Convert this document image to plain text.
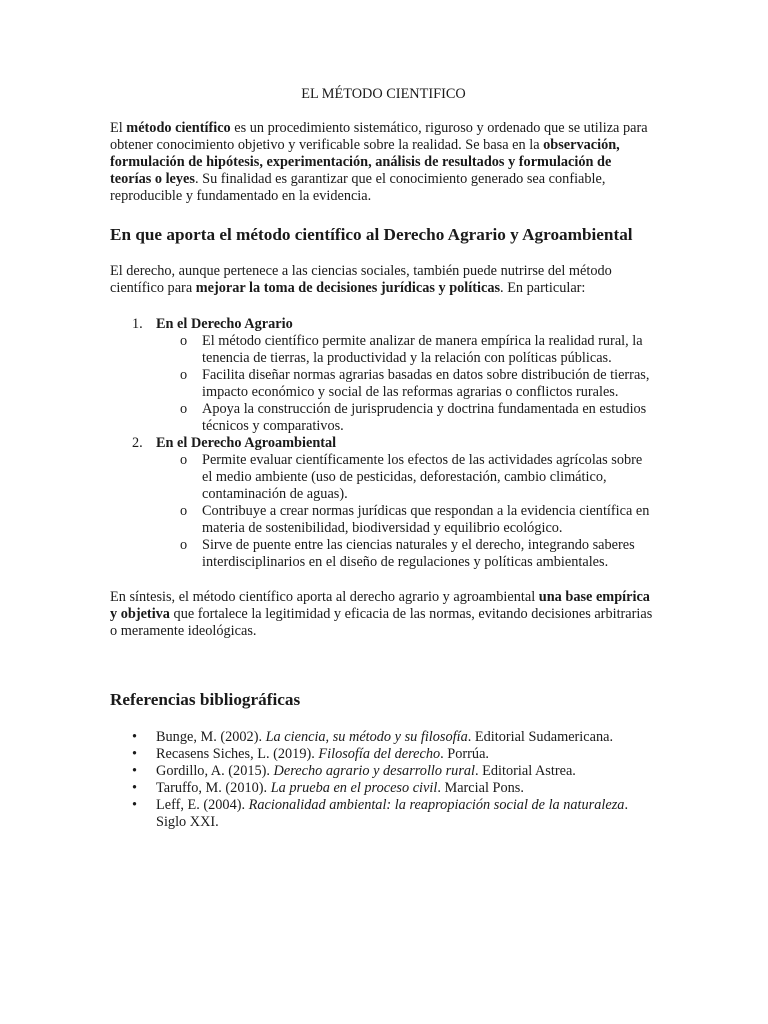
EL MÉTODO CIENTIFICO

El método científico es un procedimiento sistemático, riguroso y ordenado que se utiliza para obtener conocimiento objetivo y verificable sobre la realidad. Se basa en la observación, formulación de hipótesis, experimentación, análisis de resultados y formulación de teorías o leyes. Su finalidad es garantizar que el conocimiento generado sea confiable, reproducible y fundamentado en la evidencia.

En que aporta el método científico al Derecho Agrario y Agroambiental

El derecho, aunque pertenece a las ciencias sociales, también puede nutrirse del método científico para mejorar la toma de decisiones jurídicas y políticas. En particular:

1. En el Derecho Agrario
o El método científico permite analizar de manera empírica la realidad rural, la tenencia de tierras, la productividad y la relación con políticas públicas.
o Facilita diseñar normas agrarias basadas en datos sobre distribución de tierras, impacto económico y social de las reformas agrarias o conflictos rurales.
o Apoya la construcción de jurisprudencia y doctrina fundamentada en estudios técnicos y comparativos.
2. En el Derecho Agroambiental
o Permite evaluar científicamente los efectos de las actividades agrícolas sobre el medio ambiente (uso de pesticidas, deforestación, cambio climático, contaminación de aguas).
o Contribuye a crear normas jurídicas que respondan a la evidencia científica en materia de sostenibilidad, biodiversidad y equilibrio ecológico.
o Sirve de puente entre las ciencias naturales y el derecho, integrando saberes interdisciplinarios en el diseño de regulaciones y políticas ambientales.

En síntesis, el método científico aporta al derecho agrario y agroambiental una base empírica y objetiva que fortalece la legitimidad y eficacia de las normas, evitando decisiones arbitrarias o meramente ideológicas.

Referencias bibliográficas
• Bunge, M. (2002). La ciencia, su método y su filosofía. Editorial Sudamericana.
• Recasens Siches, L. (2019). Filosofía del derecho. Porrúa.
• Gordillo, A. (2015). Derecho agrario y desarrollo rural. Editorial Astrea.
• Taruffo, M. (2010). La prueba en el proceso civil. Marcial Pons.
• Leff, E. (2004). Racionalidad ambiental: la reapropiación social de la naturaleza. Siglo XXI.
